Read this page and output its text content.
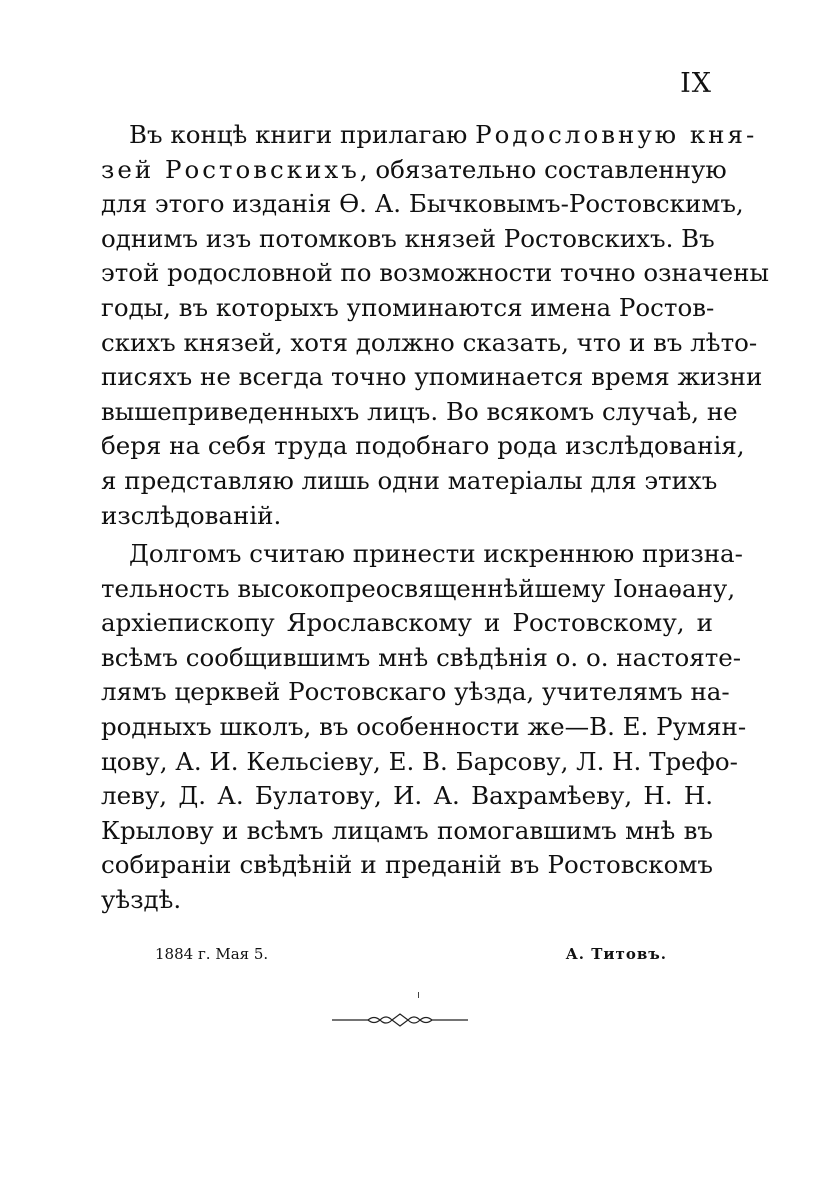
IX
Въ концѣ книги прилагаю Родословную кня-
зей Ростовскихъ, обязательно составленную
для этого изданія Ѳ. А. Бычковымъ-Ростовскимъ,
однимъ изъ потомковъ князей Ростовскихъ. Въ
этой родословной по возможности точно означены
годы, въ которыхъ упоминаются имена Ростов-
скихъ князей, хотя должно сказать, что и въ лѣто-
писяхъ не всегда точно упоминается время жизни
вышеприведенныхъ лицъ. Во всякомъ случаѣ, не
беря на себя труда подобнаго рода изслѣдованія,
я представляю лишь одни матеріалы для этихъ
изслѣдованій.
Долгомъ считаю принести искреннюю призна-
тельность высокопреосвященнѣйшему Іонаѳану,
архіепископу Ярославскому и Ростовскому, и
всѣмъ сообщившимъ мнѣ свѣдѣнія о. о. настояте-
лямъ церквей Ростовскаго уѣзда, учителямъ на-
родныхъ школъ, въ особенности же—В. Е. Румян-
цову, А. И. Кельсіеву, Е. В. Барсову, Л. Н. Трефо-
леву, Д. А. Булатову, И. А. Вахрамѣеву, Н. Н.
Крылову и всѣмъ лицамъ помогавшимъ мнѣ въ
собираніи свѣдѣній и преданій въ Ростовскомъ
уѣздѣ.
1884 г. Мая 5.	А. Титовъ.
